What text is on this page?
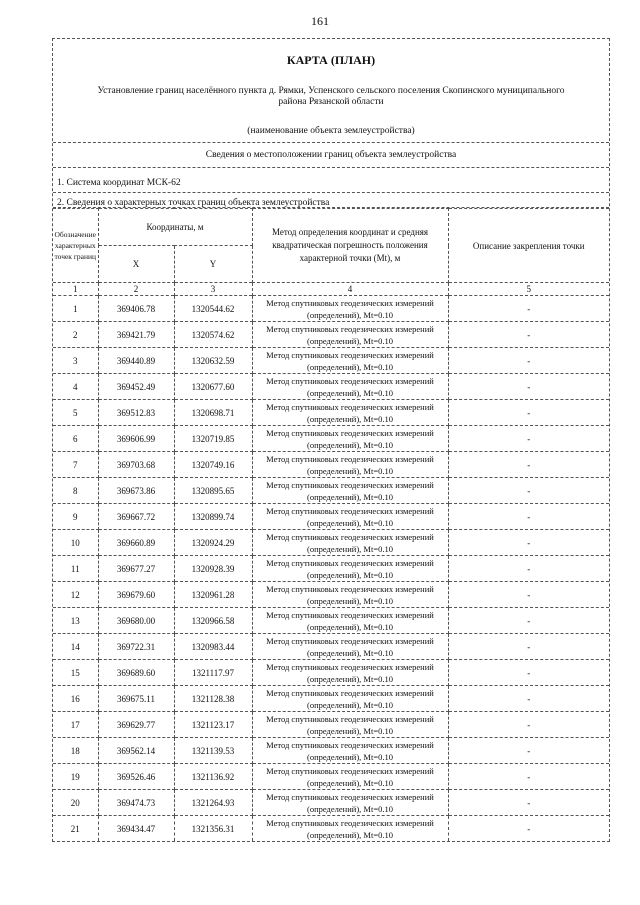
161
КАРТА (ПЛАН)
Установление границ населённого пункта д. Рямки, Успенского сельского поселения Скопинского муниципального района Рязанской области
(наименование объекта землеустройства)
Сведения о местоположении границ объекта землеустройства
1. Система координат МСК-62
2. Сведения о характерных точках границ объекта землеустройства
Обозначение характерных точек границ	Координаты, м		Метод определения координат и средняя квадратическая погрешность положения характерной точки (Мt), м	Описание закрепления точки
	X	Y		
1	2	3	4	5
1	369406.78	1320544.62	Метод спутниковых геодезических измерений (определений), Mt=0.10	-
2	369421.79	1320574.62	Метод спутниковых геодезических измерений (определений), Mt=0.10	-
3	369440.89	1320632.59	Метод спутниковых геодезических измерений (определений), Mt=0.10	-
4	369452.49	1320677.60	Метод спутниковых геодезических измерений (определений), Mt=0.10	-
5	369512.83	1320698.71	Метод спутниковых геодезических измерений (определений), Mt=0.10	-
6	369606.99	1320719.85	Метод спутниковых геодезических измерений (определений), Mt=0.10	-
7	369703.68	1320749.16	Метод спутниковых геодезических измерений (определений), Mt=0.10	-
8	369673.86	1320895.65	Метод спутниковых геодезических измерений (определений), Mt=0.10	-
9	369667.72	1320899.74	Метод спутниковых геодезических измерений (определений), Mt=0.10	-
10	369660.89	1320924.29	Метод спутниковых геодезических измерений (определений), Mt=0.10	-
11	369677.27	1320928.39	Метод спутниковых геодезических измерений (определений), Mt=0.10	-
12	369679.60	1320961.28	Метод спутниковых геодезических измерений (определений), Mt=0.10	-
13	369680.00	1320966.58	Метод спутниковых геодезических измерений (определений), Mt=0.10	-
14	369722.31	1320983.44	Метод спутниковых геодезических измерений (определений), Mt=0.10	-
15	369689.60	1321117.97	Метод спутниковых геодезических измерений (определений), Mt=0.10	-
16	369675.11	1321128.38	Метод спутниковых геодезических измерений (определений), Mt=0.10	-
17	369629.77	1321123.17	Метод спутниковых геодезических измерений (определений), Mt=0.10	-
18	369562.14	1321139.53	Метод спутниковых геодезических измерений (определений), Mt=0.10	-
19	369526.46	1321136.92	Метод спутниковых геодезических измерений (определений), Mt=0.10	-
20	369474.73	1321264.93	Метод спутниковых геодезических измерений (определений), Mt=0.10	-
21	369434.47	1321356.31	Метод спутниковых геодезических измерений (определений), Mt=0.10	-
